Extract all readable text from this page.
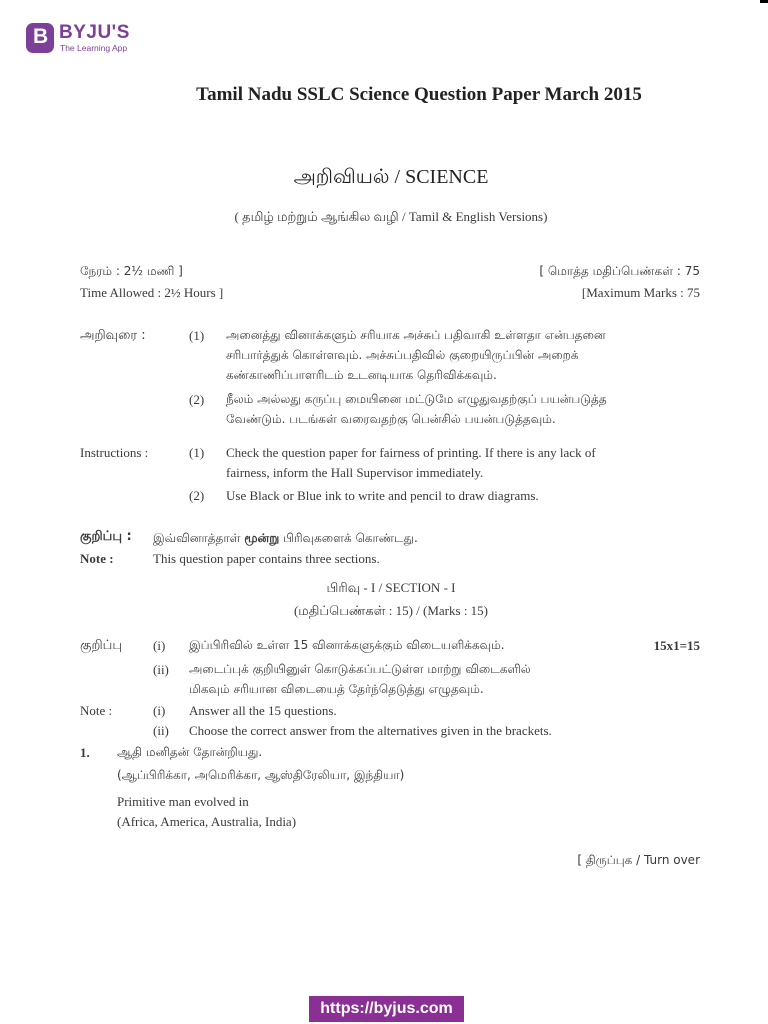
B BYJU'S
The Learning App
Tamil Nadu SSLC Science Question Paper March 2015
அறிவியல் / SCIENCE
( தமிழ் மற்றும் ஆங்கில வழி / Tamil & English Versions)
நேரம் : 2½ மணி ]
Time Allowed : 2½ Hours ]
[ மொத்த மதிப்பெண்கள் : 75
[Maximum Marks : 75
அறிவுரை :	(1) அனைத்து வினாக்களும் சரியாக அச்சுப் பதிவாகி உள்ளதா என்பதனை
சரிபார்த்துக் கொள்ளவும். அச்சுப்பதிவில் குறையிருப்பின் அறைக்
கண்காணிப்பாளரிடம் உடனடியாக தெரிவிக்கவும்.
(2) நீலம் அல்லது கருப்பு மையினை மட்டுமே எழுதுவதற்குப் பயன்படுத்த
வேண்டும். படங்கள் வரைவதற்கு பென்சில் பயன்படுத்தவும்.
Instructions :	(1) Check the question paper for fairness of printing. If there is any lack of
fairness, inform the Hall Supervisor immediately.
(2) Use Black or Blue ink to write and pencil to draw diagrams.
குறிப்பு : இவ்வினாத்தாள் மூன்று பிரிவுகளைக் கொண்டது.
Note :	This question paper contains three sections.
பிரிவு - I / SECTION - I
(மதிப்பெண்கள் : 15) / (Marks : 15)
குறிப்பு (i) இப்பிரிவில் உள்ள 15 வினாக்களுக்கும் விடையளிக்கவும்.	15x1=15
(ii) அடைப்புக் குறியினுள் கொடுக்கப்பட்டுள்ள மாற்று விடைகளில்
மிகவும் சரியான விடையைத் தேர்ந்தெடுத்து எழுதவும்.
Note :	(i) Answer all the 15 questions.
(ii) Choose the correct answer from the alternatives given in the brackets.
1. ஆதி மனிதன் தோன்றியது.
(ஆப்பிரிக்கா, அமெரிக்கா, ஆஸ்திரேலியா, இந்தியா)
Primitive man evolved in
(Africa, America, Australia, India)
[ திருப்புக / Turn over
https://byjus.com
